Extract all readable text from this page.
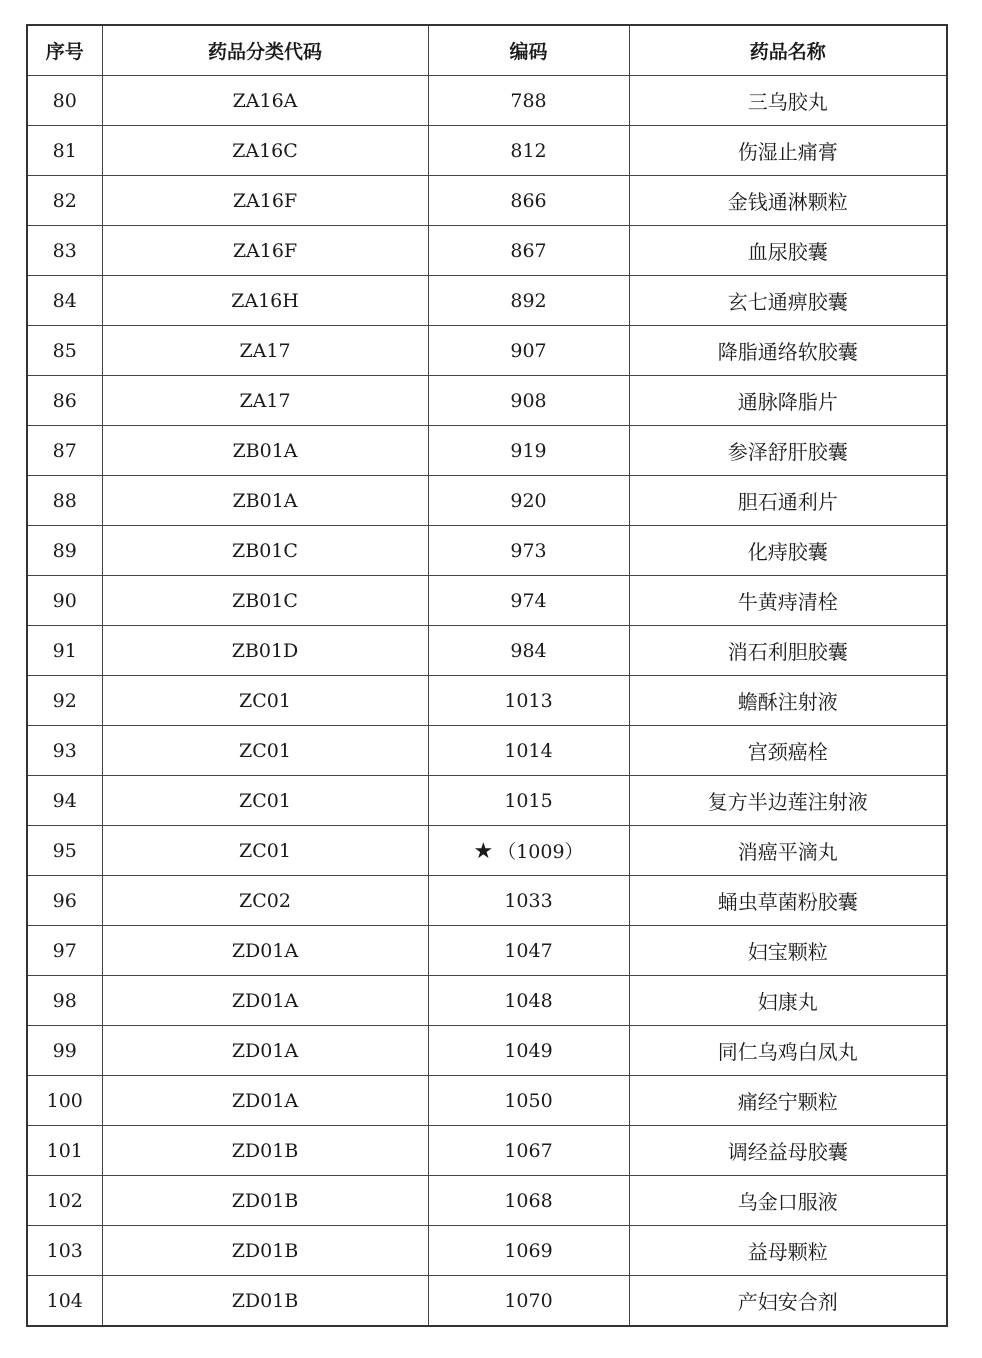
序号	药品分类代码	编码	药品名称
80	ZA16A	788	三乌胶丸
81	ZA16C	812	伤湿止痛膏
82	ZA16F	866	金钱通淋颗粒
83	ZA16F	867	血尿胶囊
84	ZA16H	892	玄七通痹胶囊
85	ZA17	907	降脂通络软胶囊
86	ZA17	908	通脉降脂片
87	ZB01A	919	参泽舒肝胶囊
88	ZB01A	920	胆石通利片
89	ZB01C	973	化痔胶囊
90	ZB01C	974	牛黄痔清栓
91	ZB01D	984	消石利胆胶囊
92	ZC01	1013	蟾酥注射液
93	ZC01	1014	宫颈癌栓
94	ZC01	1015	复方半边莲注射液
95	ZC01	★ （1009）	消癌平滴丸
96	ZC02	1033	蛹虫草菌粉胶囊
97	ZD01A	1047	妇宝颗粒
98	ZD01A	1048	妇康丸
99	ZD01A	1049	同仁乌鸡白凤丸
100	ZD01A	1050	痛经宁颗粒
101	ZD01B	1067	调经益母胶囊
102	ZD01B	1068	乌金口服液
103	ZD01B	1069	益母颗粒
104	ZD01B	1070	产妇安合剂
